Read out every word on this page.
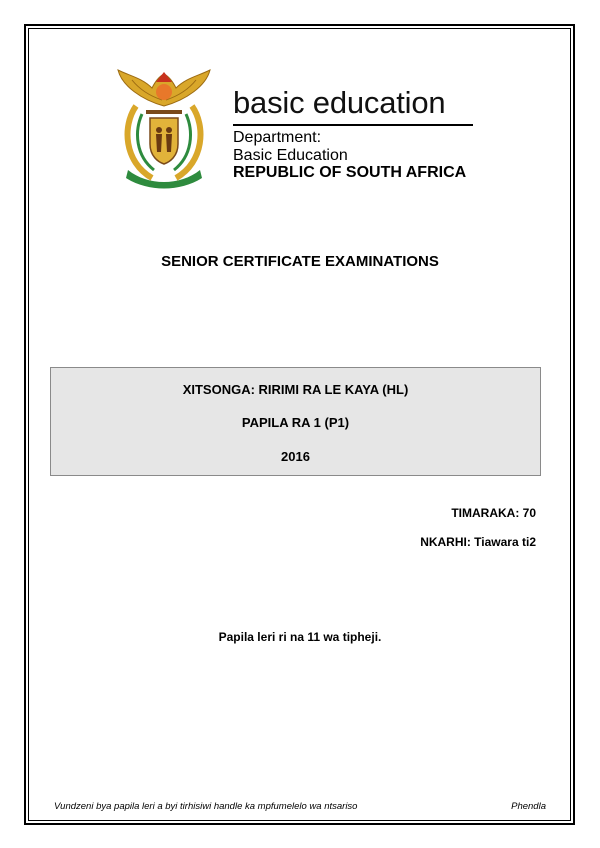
basic education
Department:
Basic Education
REPUBLIC OF SOUTH AFRICA
SENIOR CERTIFICATE EXAMINATIONS
XITSONGA: RIRIMI RA LE KAYA (HL)
PAPILA RA 1 (P1)
2016
TIMARAKA: 70
NKARHI: Tiawara ti2
Papila leri ri na 11 wa tipheji.
Vundzeni bya papila leri a byi tirhisiwi handle ka mpfumelelo wa ntsariso	Phendla
